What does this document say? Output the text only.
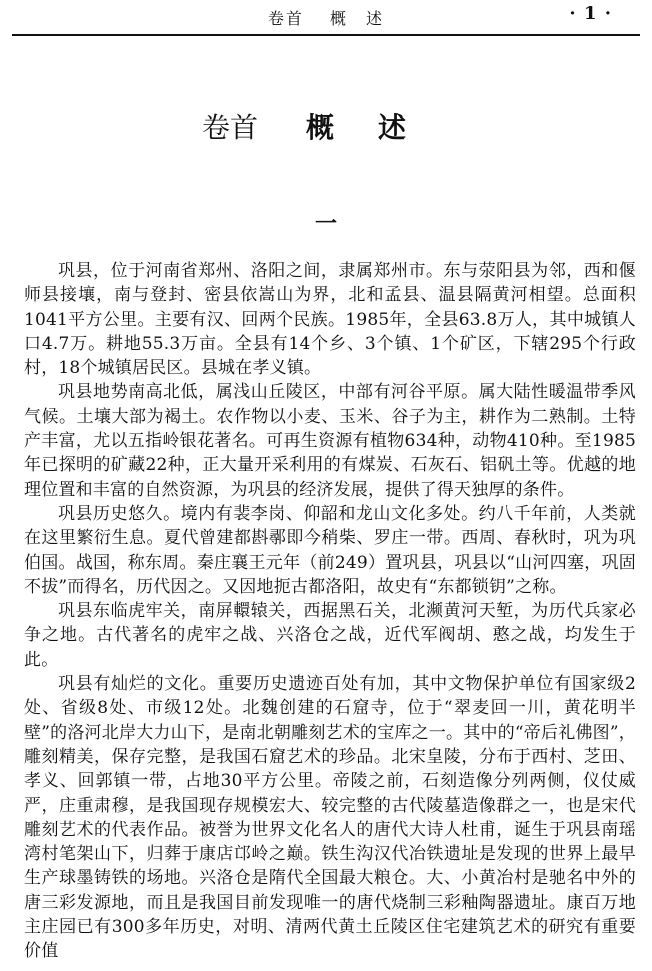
卷首 概　述	· 1 ·
卷首 概述
一

巩县，位于河南省郑州、洛阳之间，隶属郑州市。东与荥阳县为邻，西和偃师县接壤，南与登封、密县依嵩山为界，北和孟县、温县隔黄河相望。总面积1041平方公里。主要有汉、回两个民族。1985年，全县63.8万人，其中城镇人口4.7万。耕地55.3万亩。全县有14个乡、3个镇、1个矿区，下辖295个行政村，18个城镇居民区。县城在孝义镇。

巩县地势南高北低，属浅山丘陵区，中部有河谷平原。属大陆性暖温带季风气候。土壤大部为褐土。农作物以小麦、玉米、谷子为主，耕作为二熟制。土特产丰富，尤以五指岭银花著名。可再生资源有植物634种，动物410种。至1985年已探明的矿藏22种，正大量开采利用的有煤炭、石灰石、铝矾土等。优越的地理位置和丰富的自然资源，为巩县的经济发展，提供了得天独厚的条件。

巩县历史悠久。境内有裴李岗、仰韶和龙山文化多处。约八千年前，人类就在这里繁衍生息。夏代曾建都斟鄩即今稍柴、罗庄一带。西周、春秋时，巩为巩伯国。战国，称东周。秦庄襄王元年（前249）置巩县，巩县以“山河四塞，巩固不拔”而得名，历代因之。又因地扼古都洛阳，故史有“东都锁钥”之称。

巩县东临虎牢关，南屏轘辕关，西据黑石关，北濒黄河天堑，为历代兵家必争之地。古代著名的虎牢之战、兴洛仓之战，近代军阀胡、憨之战，均发生于此。

巩县有灿烂的文化。重要历史遗迹百处有加，其中文物保护单位有国家级2处、省级8处、市级12处。北魏创建的石窟寺，位于“翠麦回一川，黄花明半壁”的洛河北岸大力山下，是南北朝雕刻艺术的宝库之一。其中的“帝后礼佛图”，雕刻精美，保存完整，是我国石窟艺术的珍品。北宋皇陵，分布于西村、芝田、孝义、回郭镇一带，占地30平方公里。帝陵之前，石刻造像分列两侧，仪仗威严，庄重肃穆，是我国现存规模宏大、较完整的古代陵墓造像群之一，也是宋代雕刻艺术的代表作品。被誉为世界文化名人的唐代大诗人杜甫，诞生于巩县南瑶湾村笔架山下，归葬于康店邙岭之巅。铁生沟汉代冶铁遗址是发现的世界上最早生产球墨铸铁的场地。兴洛仓是隋代全国最大粮仓。大、小黄冶村是驰名中外的唐三彩发源地，而且是我国目前发现唯一的唐代烧制三彩釉陶器遗址。康百万地主庄园已有300多年历史，对明、清两代黄土丘陵区住宅建筑艺术的研究有重要价值
